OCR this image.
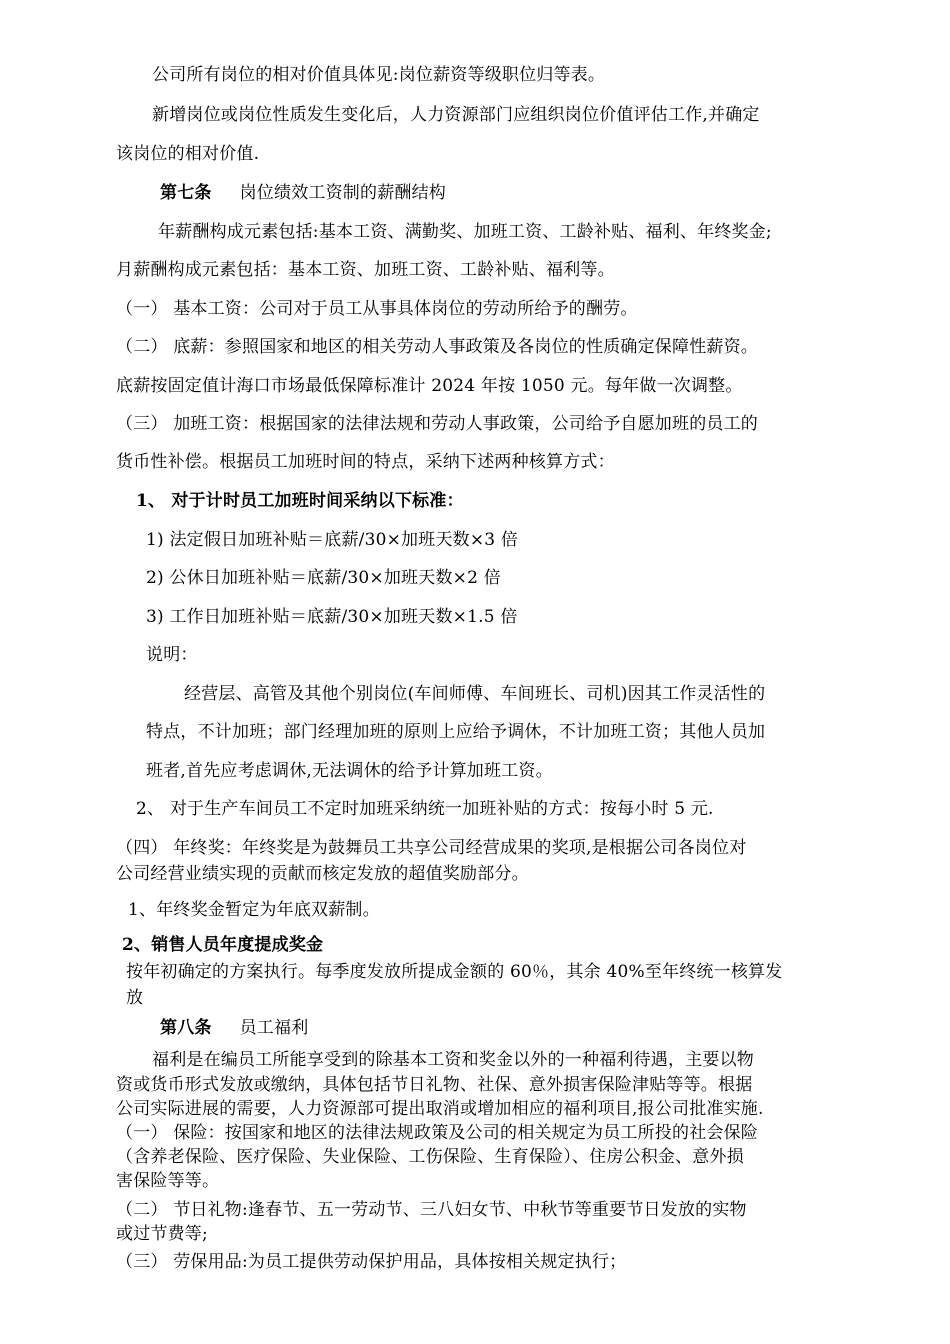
公司所有岗位的相对价值具体见:岗位薪资等级职位归等表。
新增岗位或岗位性质发生变化后，人力资源部门应组织岗位价值评估工作,并确定
该岗位的相对价值.
第七条 岗位绩效工资制的薪酬结构
年薪酬构成元素包括:基本工资、满勤奖、加班工资、工龄补贴、福利、年终奖金;
月薪酬构成元素包括：基本工资、加班工资、工龄补贴、福利等。
（一） 基本工资：公司对于员工从事具体岗位的劳动所给予的酬劳。
（二） 底薪：参照国家和地区的相关劳动人事政策及各岗位的性质确定保障性薪资。
底薪按固定值计海口市场最低保障标准计 2024 年按 1050 元。每年做一次调整。
（三） 加班工资：根据国家的法律法规和劳动人事政策，公司给予自愿加班的员工的
货币性补偿。根据员工加班时间的特点，采纳下述两种核算方式：
1、 对于计时员工加班时间采纳以下标准：
1) 法定假日加班补贴＝底薪/30×加班天数×3 倍
2) 公休日加班补贴＝底薪/30×加班天数×2 倍
3) 工作日加班补贴＝底薪/30×加班天数×1.5 倍
说明：
经营层、高管及其他个别岗位(车间师傅、车间班长、司机)因其工作灵活性的
特点，不计加班；部门经理加班的原则上应给予调休，不计加班工资；其他人员加
班者,首先应考虑调休,无法调休的给予计算加班工资。
2、 对于生产车间员工不定时加班采纳统一加班补贴的方式：按每小时 5 元.
（四） 年终奖：年终奖是为鼓舞员工共享公司经营成果的奖项,是根据公司各岗位对
公司经营业绩实现的贡献而核定发放的超值奖励部分。
1、年终奖金暂定为年底双薪制。
2、销售人员年度提成奖金
按年初确定的方案执行。每季度发放所提成金额的 60％，其余 40%至年终统一核算发
放
第八条 员工福利
福利是在编员工所能享受到的除基本工资和奖金以外的一种福利待遇，主要以物
资或货币形式发放或缴纳，具体包括节日礼物、社保、意外损害保险津贴等等。根据
公司实际进展的需要，人力资源部可提出取消或增加相应的福利项目,报公司批准实施.
（一） 保险：按国家和地区的法律法规政策及公司的相关规定为员工所投的社会保险
（含养老保险、医疗保险、失业保险、工伤保险、生育保险）、住房公积金、意外损
害保险等等。
（二） 节日礼物:逢春节、五一劳动节、三八妇女节、中秋节等重要节日发放的实物
或过节费等;
（三） 劳保用品:为员工提供劳动保护用品，具体按相关规定执行；
